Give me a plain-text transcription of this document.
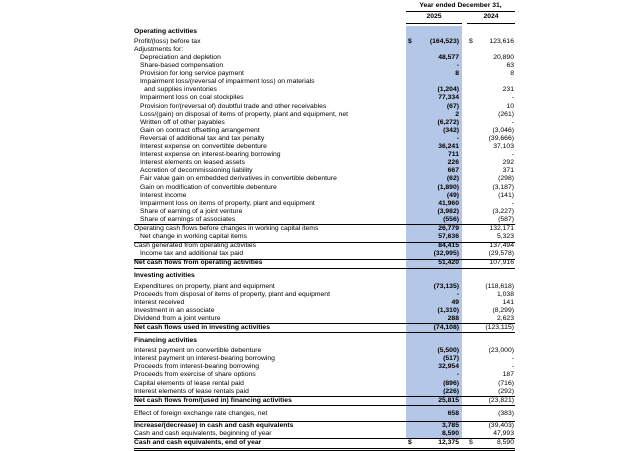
Year ended December 31,
2025	2024
Operating activities
Profit/(loss) before tax	$	(164,523)	$ 123,616
Adjustments for:
Depreciation and depletion	48,577	20,890
Share-based compensation	-	63
Provision for long service payment	8	8
Impairment loss/(reversal of impairment loss) on materials
and supplies inventories	(1,204)	231
Impairment loss on coal stockpiles	77,334	-
Provision for/(reversal of) doubtful trade and other receivables	(67)	10
Loss/(gain) on disposal of items of property, plant and equipment, net	2	(261)
Written off of other payables	(6,272)	-
Gain on contract offsetting arrangement	(342)	(3,046)
Reversal of additional tax and tax penalty	-	(39,666)
Interest expense on convertible debenture	36,241	37,103
Interest expense on interest-bearing borrowing	711	-
Interest elements on leased assets	226	292
Accretion of decommissioning liability	667	371
Fair value gain on embedded derivatives in convertible debenture	(62)	(298)
Gain on modification of convertible debenture	(1,890)	(3,187)
Interest income	(49)	(141)
Impairment loss on items of property, plant and equipment	41,960	-
Share of earning of a joint venture	(3,982)	(3,227)
Share of earnings of associates	(556)	(587)
Operating cash flows before changes in working capital items	26,779	132,171
Net change in working capital items	57,636	5,323
Cash generated from operating activities	84,415	137,494
Income tax and additional tax paid	(32,995)	(29,578)
Net cash flows from operating activities	51,420	107,916
Investing activities
Expenditures on property, plant and equipment	(73,135)	(118,618)
Proceeds from disposal of items of property, plant and equipment	-	1,038
Interest received	49	141
Investment in an associate	(1,310)	(8,299)
Dividend from a joint venture	288	2,623
Net cash flows used in investing activities	(74,108)	(123,115)
Financing activities
Interest payment on convertible debenture	(5,500)	(23,000)
Interest payment on interest-bearing borrowing	(517)	-
Proceeds from interest-bearing borrowing	32,954	-
Proceeds from exercise of share options	-	187
Capital elements of lease rental paid	(896)	(716)
Interest elements of lease rentals paid	(226)	(292)
Net cash flows from/(used in) financing activities	25,815	(23,821)
Effect of foreign exchange rate changes, net	658	(383)
Increase/(decrease) in cash and cash equivalents	3,785	(39,403)
Cash and cash equivalents, beginning of year	8,590	47,993
Cash and cash equivalents, end of year	$	12,375	$	8,590
